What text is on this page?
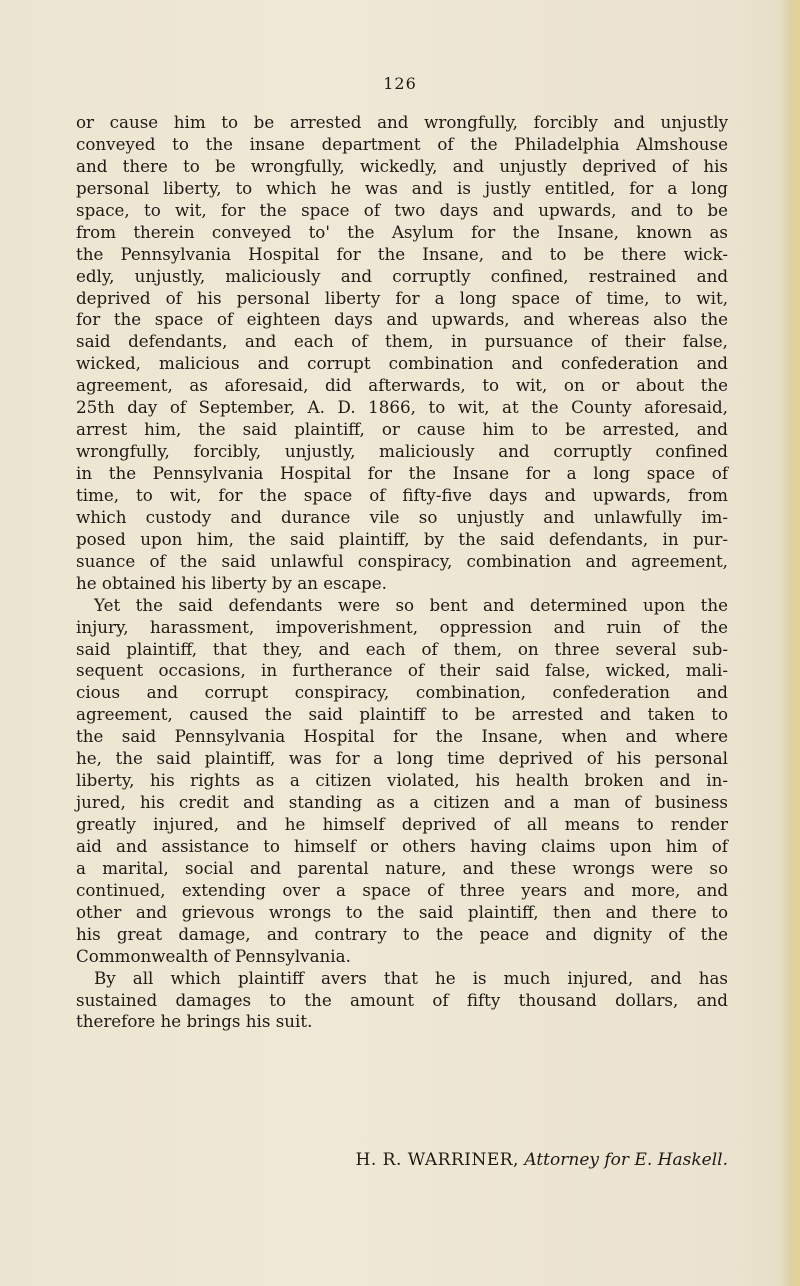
126
or cause him to be arrested and wrongfully, forcibly and unjustly
conveyed to the insane department of the Philadelphia Almshouse
and there to be wrongfully, wickedly, and unjustly deprived of his
personal liberty, to which he was and is justly entitled, for a long
space, to wit, for the space of two days and upwards, and to be
from therein conveyed to' the Asylum for the Insane, known as
the Pennsylvania Hospital for the Insane, and to be there wick-
edly, unjustly, maliciously and corruptly confined, restrained and
deprived of his personal liberty for a long space of time, to wit,
for the space of eighteen days and upwards, and whereas also the
said defendants, and each of them, in pursuance of their false,
wicked, malicious and corrupt combination and confederation and
agreement, as aforesaid, did afterwards, to wit, on or about the
25th day of September, A. D. 1866, to wit, at the County aforesaid,
arrest him, the said plaintiff, or cause him to be arrested, and
wrongfully, forcibly, unjustly, maliciously and corruptly confined
in the Pennsylvania Hospital for the Insane for a long space of
time, to wit, for the space of fifty-five days and upwards, from
which custody and durance vile so unjustly and unlawfully im-
posed upon him, the said plaintiff, by the said defendants, in pur-
suance of the said unlawful conspiracy, combination and agreement,
he obtained his liberty by an escape.
Yet the said defendants were so bent and determined upon the
injury, harassment, impoverishment, oppression and ruin of the
said plaintiff, that they, and each of them, on three several sub-
sequent occasions, in furtherance of their said false, wicked, mali-
cious and corrupt conspiracy, combination, confederation and
agreement, caused the said plaintiff to be arrested and taken to
the said Pennsylvania Hospital for the Insane, when and where
he, the said plaintiff, was for a long time deprived of his personal
liberty, his rights as a citizen violated, his health broken and in-
jured, his credit and standing as a citizen and a man of business
greatly injured, and he himself deprived of all means to render
aid and assistance to himself or others having claims upon him of
a marital, social and parental nature, and these wrongs were so
continued, extending over a space of three years and more, and
other and grievous wrongs to the said plaintiff, then and there to
his great damage, and contrary to the peace and dignity of the
Commonwealth of Pennsylvania.
By all which plaintiff avers that he is much injured, and has
sustained damages to the amount of fifty thousand dollars, and
therefore he brings his suit.
H. R. WARRINER, Attorney for E. Haskell.
